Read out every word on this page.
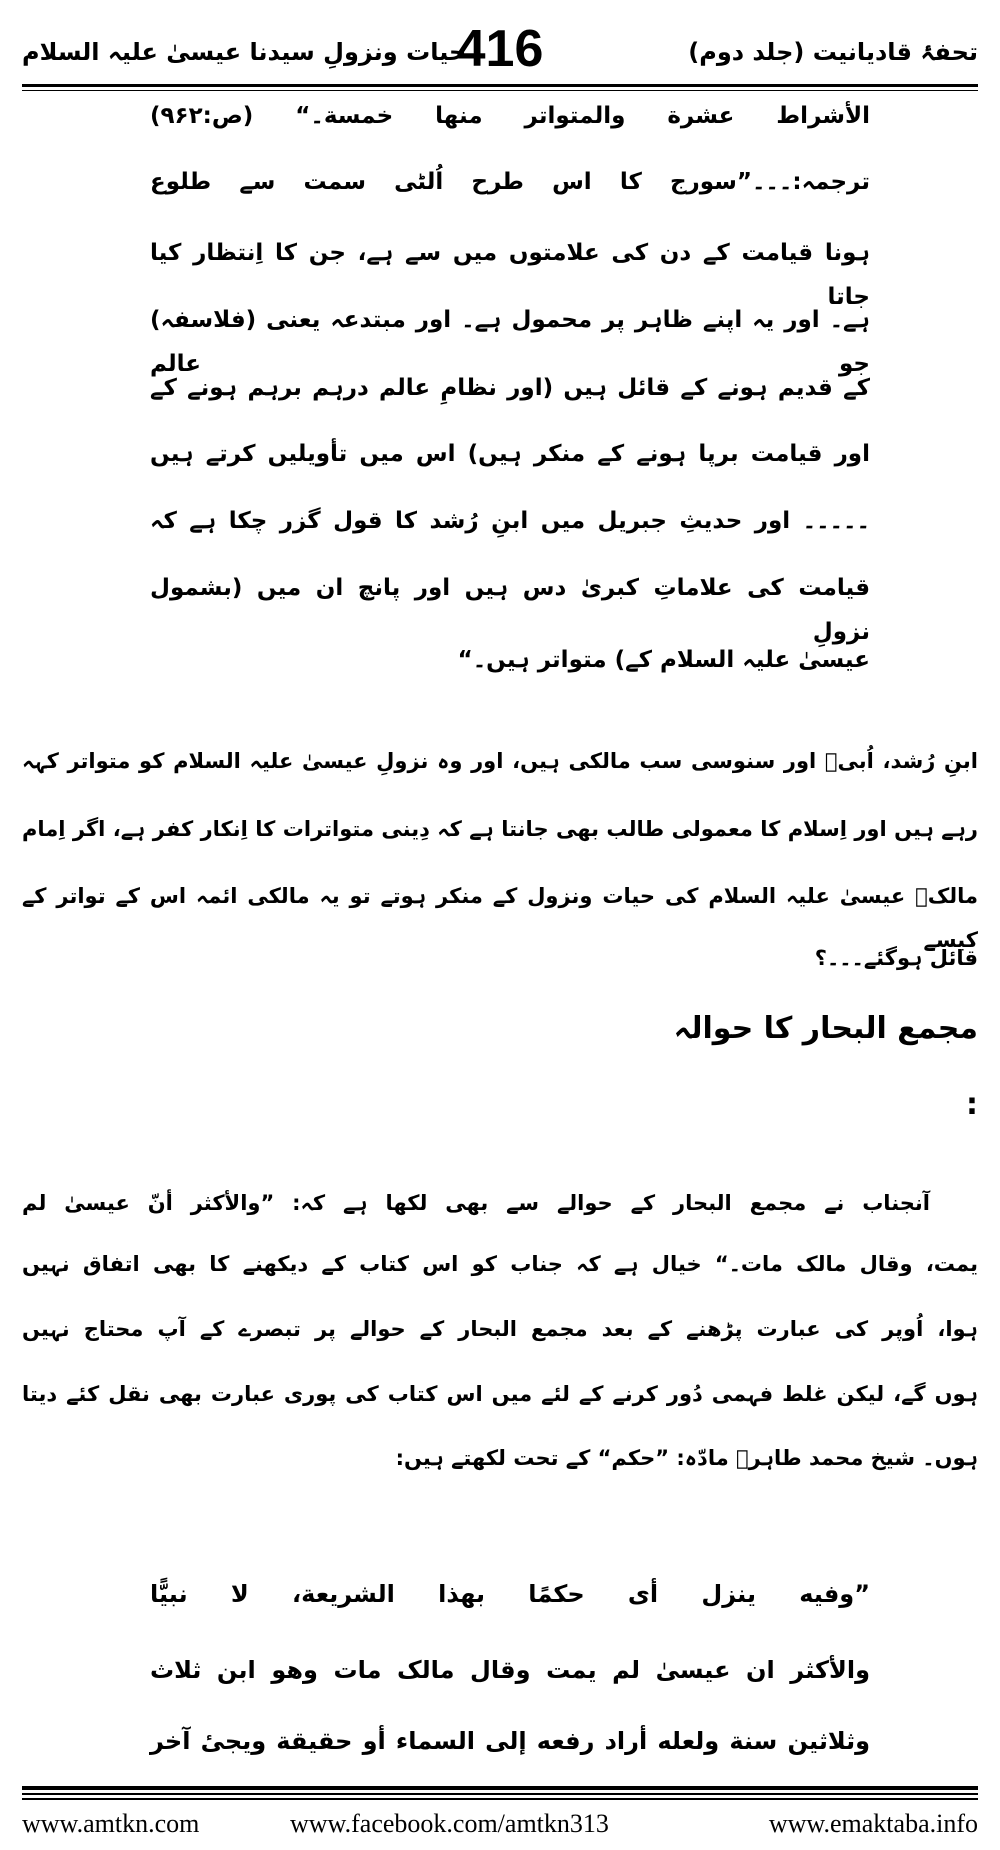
تحفۂ قادیانیت (جلد دوم)
416
حیات ونزولِ سیدنا عیسیٰ علیہ السلام
الأشراط عشرة والمتواتر منها خمسة۔“ (ص:۹۶۲)
ترجمہ:۔۔۔”سورج کا اس طرح اُلٹی سمت سے طلوع
ہونا قیامت کے دن کی علامتوں میں سے ہے، جن کا اِنتظار کیا جاتا
ہے۔ اور یہ اپنے ظاہر پر محمول ہے۔ اور مبتدعہ یعنی (فلاسفہ) جو عالم
کے قدیم ہونے کے قائل ہیں (اور نظامِ عالم درہم برہم ہونے کے
اور قیامت برپا ہونے کے منکر ہیں) اس میں تأویلیں کرتے ہیں
۔۔۔۔۔ اور حدیثِ جبریل میں ابنِ رُشد کا قول گزر چکا ہے کہ
قیامت کی علاماتِ کبریٰ دس ہیں اور پانچ ان میں (بشمول نزولِ
عیسیٰ علیہ السلام کے) متواتر ہیں۔“
ابنِ رُشد، اُبیؒ اور سنوسی سب مالکی ہیں، اور وہ نزولِ عیسیٰ علیہ السلام کو متواتر کہہ
رہے ہیں اور اِسلام کا معمولی طالب بھی جانتا ہے کہ دِینی متواترات کا اِنکار کفر ہے، اگر اِمام
مالکؒ عیسیٰ علیہ السلام کی حیات ونزول کے منکر ہوتے تو یہ مالکی ائمہ اس کے تواتر کے کیسے
قائل ہوگئے۔۔۔؟
مجمع البحار کا حوالہ
:
آنجناب نے مجمع البحار کے حوالے سے بھی لکھا ہے کہ: ”والأکثر أنّ عیسیٰ لم
یمت، وقال مالک مات۔“ خیال ہے کہ جناب کو اس کتاب کے دیکھنے کا بھی اتفاق نہیں
ہوا، اُوپر کی عبارت پڑھنے کے بعد مجمع البحار کے حوالے پر تبصرے کے آپ محتاج نہیں
ہوں گے، لیکن غلط فہمی دُور کرنے کے لئے میں اس کتاب کی پوری عبارت بھی نقل کئے دیتا
ہوں۔ شیخ محمد طاہرؒ مادّہ: ”حکم“ کے تحت لکھتے ہیں:
”وفیه ینزل أی حکمًا بهذا الشریعة، لا نبیًّا
والأکثر ان عیسیٰ لم یمت وقال مالک مات وهو ابن ثلاث
وثلاثین سنة ولعله أراد رفعه إلی السماء أو حقیقة ویجیٔ آخر
www.amtkn.com	www.facebook.com/amtkn313	www.emaktaba.info
